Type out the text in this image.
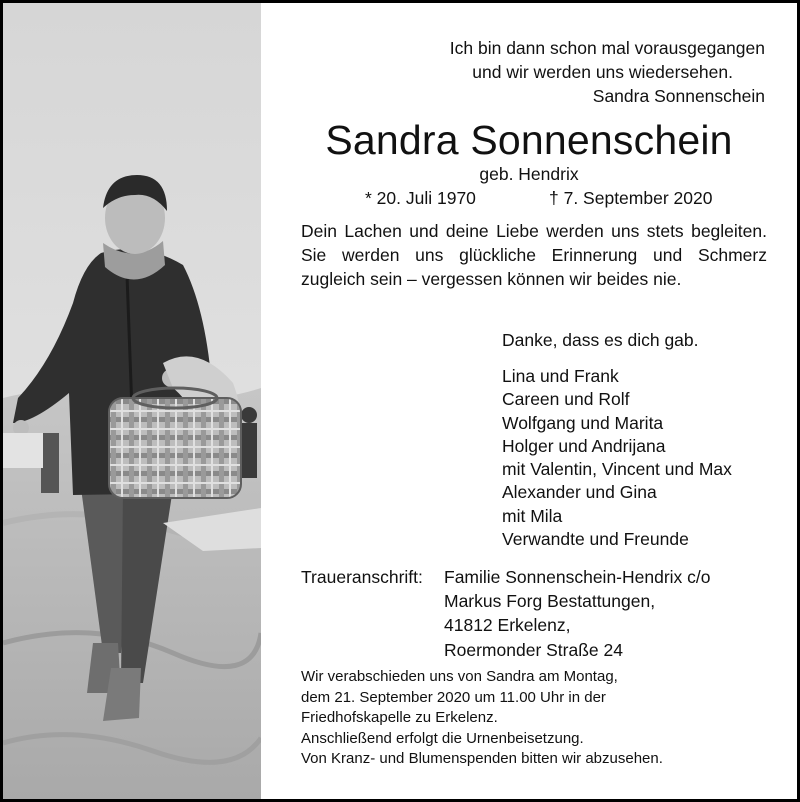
Ich bin dann schon mal vorausgegangen
und wir werden uns wiedersehen.
Sandra Sonnenschein
Sandra Sonnenschein
geb. Hendrix
* 20. Juli 1970	† 7. September 2020

Dein Lachen und deine Liebe werden uns stets begleiten. Sie werden uns glückliche Erinnerung und Schmerz zugleich sein – vergessen können wir beides nie.

Danke, dass es dich gab.
Lina und Frank
Careen und Rolf
Wolfgang und Marita
Holger und Andrijana
mit Valentin, Vincent und Max
Alexander und Gina
mit Mila
Verwandte und Freunde
Traueranschrift: Familie Sonnenschein-Hendrix c/o
Markus Forg Bestattungen,
41812 Erkelenz,
Roermonder Straße 24
Wir verabschieden uns von Sandra am Montag,
dem 21. September 2020 um 11.00 Uhr in der
Friedhofskapelle zu Erkelenz.
Anschließend erfolgt die Urnenbeisetzung.
Von Kranz- und Blumenspenden bitten wir abzusehen.
